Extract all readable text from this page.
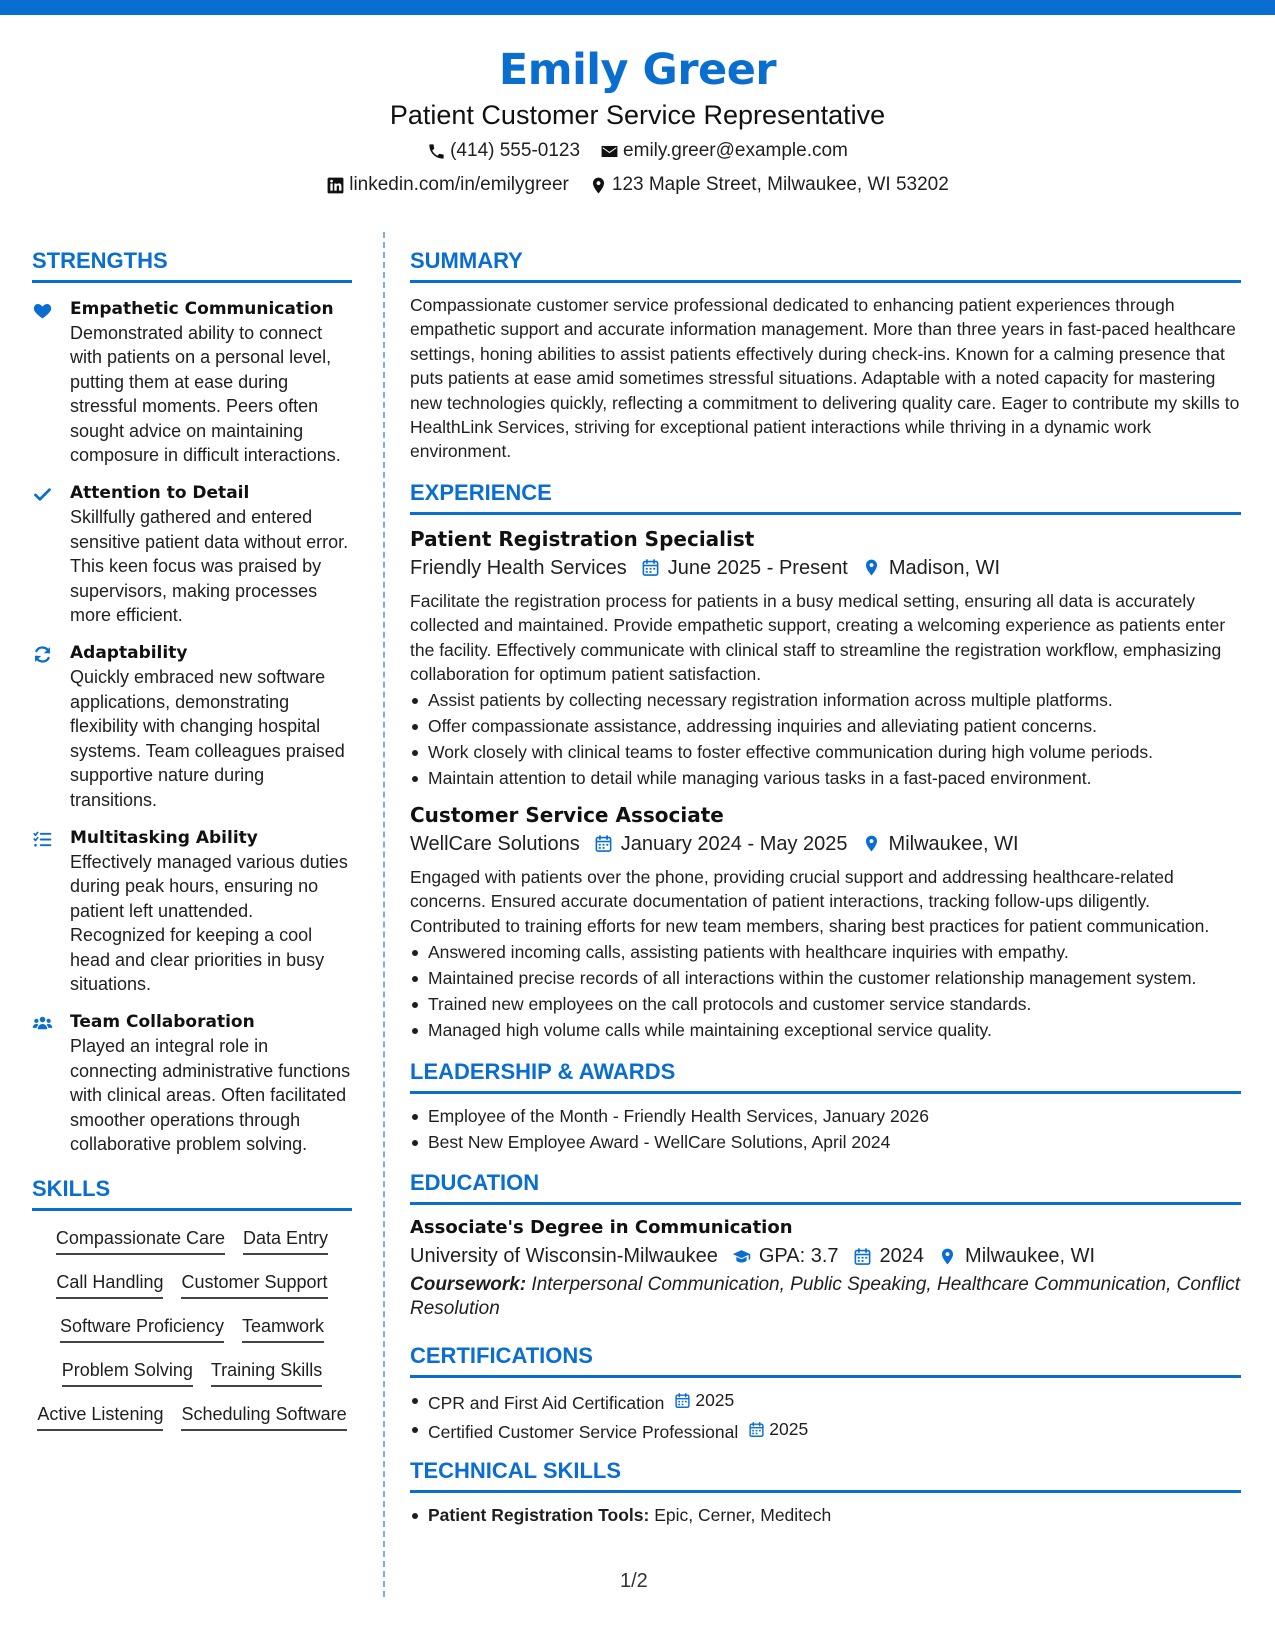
Emily Greer
Patient Customer Service Representative
(414) 555-0123 emily.greer@example.com
linkedin.com/in/emilygreer 123 Maple Street, Milwaukee, WI 53202
STRENGTHS
Empathetic Communication
Demonstrated ability to connect with patients on a personal level, putting them at ease during stressful moments. Peers often sought advice on maintaining composure in difficult interactions.
Attention to Detail
Skillfully gathered and entered sensitive patient data without error. This keen focus was praised by supervisors, making processes more efficient.
Adaptability
Quickly embraced new software applications, demonstrating flexibility with changing hospital systems. Team colleagues praised supportive nature during transitions.
Multitasking Ability
Effectively managed various duties during peak hours, ensuring no patient left unattended. Recognized for keeping a cool head and clear priorities in busy situations.
Team Collaboration
Played an integral role in connecting administrative functions with clinical areas. Often facilitated smoother operations through collaborative problem solving.
SKILLS
Compassionate Care Data Entry
Call Handling Customer Support
Software Proficiency Teamwork
Problem Solving Training Skills
Active Listening Scheduling Software
SUMMARY
Compassionate customer service professional dedicated to enhancing patient experiences through empathetic support and accurate information management. More than three years in fast-paced healthcare settings, honing abilities to assist patients effectively during check-ins. Known for a calming presence that puts patients at ease amid sometimes stressful situations. Adaptable with a noted capacity for mastering new technologies quickly, reflecting a commitment to delivering quality care. Eager to contribute my skills to HealthLink Services, striving for exceptional patient interactions while thriving in a dynamic work environment.
EXPERIENCE
Patient Registration Specialist
Friendly Health Services June 2025 - Present Madison, WI
Facilitate the registration process for patients in a busy medical setting, ensuring all data is accurately collected and maintained. Provide empathetic support, creating a welcoming experience as patients enter the facility. Effectively communicate with clinical staff to streamline the registration workflow, emphasizing collaboration for optimum patient satisfaction.
Assist patients by collecting necessary registration information across multiple platforms.
Offer compassionate assistance, addressing inquiries and alleviating patient concerns.
Work closely with clinical teams to foster effective communication during high volume periods.
Maintain attention to detail while managing various tasks in a fast-paced environment.
Customer Service Associate
WellCare Solutions January 2024 - May 2025 Milwaukee, WI
Engaged with patients over the phone, providing crucial support and addressing healthcare-related concerns. Ensured accurate documentation of patient interactions, tracking follow-ups diligently. Contributed to training efforts for new team members, sharing best practices for patient communication.
Answered incoming calls, assisting patients with healthcare inquiries with empathy.
Maintained precise records of all interactions within the customer relationship management system.
Trained new employees on the call protocols and customer service standards.
Managed high volume calls while maintaining exceptional service quality.
LEADERSHIP & AWARDS
Employee of the Month - Friendly Health Services, January 2026
Best New Employee Award - WellCare Solutions, April 2024
EDUCATION
Associate's Degree in Communication
University of Wisconsin-Milwaukee GPA: 3.7 2024 Milwaukee, WI
Coursework: Interpersonal Communication, Public Speaking, Healthcare Communication, Conflict Resolution
CERTIFICATIONS
CPR and First Aid Certification 2025
Certified Customer Service Professional 2025
TECHNICAL SKILLS
Patient Registration Tools: Epic, Cerner, Meditech
1/2
